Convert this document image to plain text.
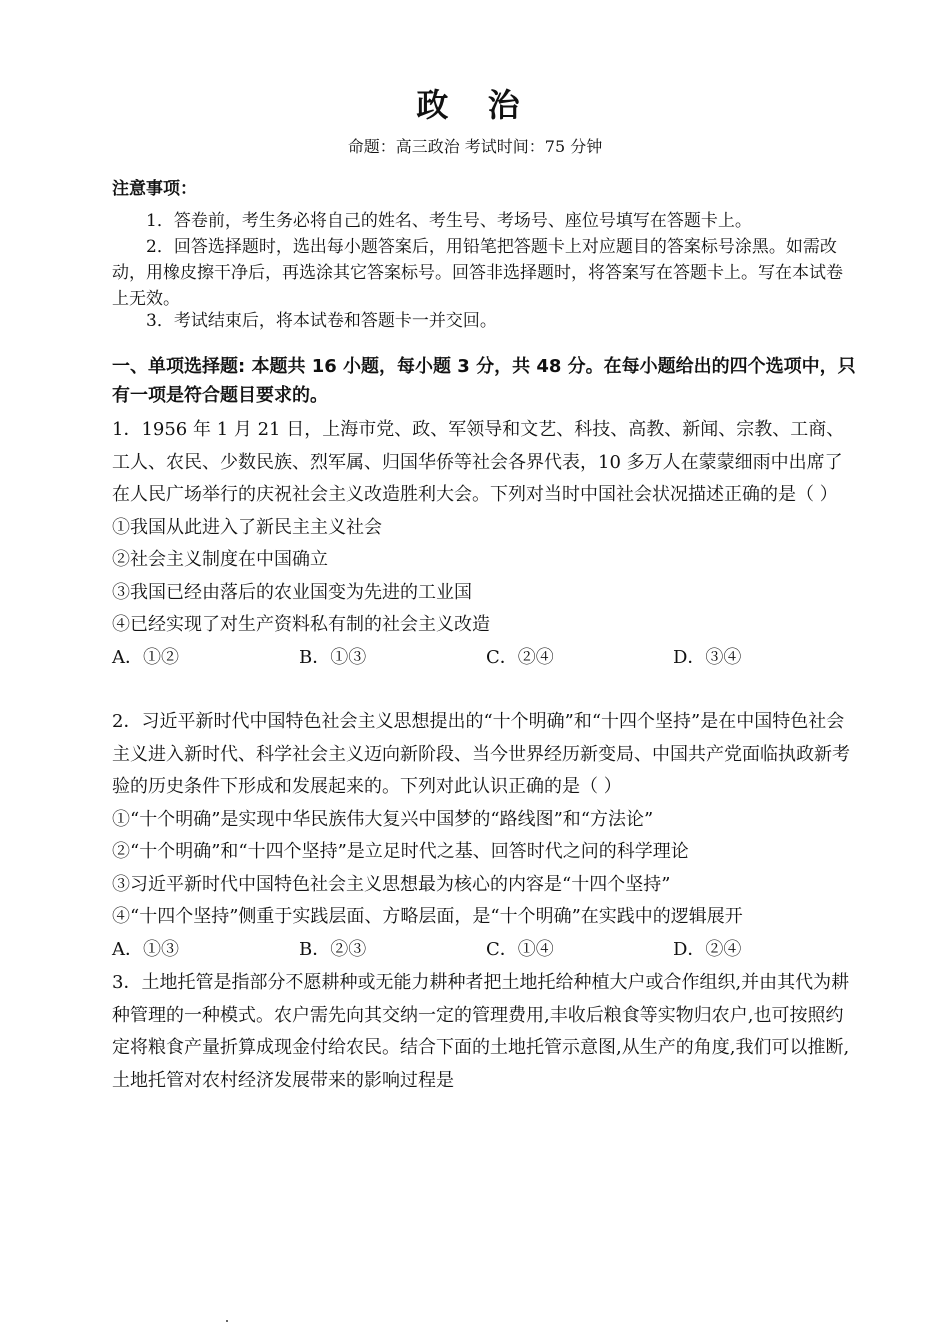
政 治
命题：高三政治 考试时间：75 分钟
注意事项：
1．答卷前，考生务必将自己的姓名、考生号、考场号、座位号填写在答题卡上。
2．回答选择题时，选出每小题答案后，用铅笔把答题卡上对应题目的答案标号涂黑。如需改动，用橡皮擦干净后，再选涂其它答案标号。回答非选择题时，将答案写在答题卡上。写在本试卷上无效。
3．考试结束后，将本试卷和答题卡一并交回。
一、单项选择题: 本题共 16 小题，每小题 3 分，共 48 分。在每小题给出的四个选项中，只有一项是符合题目要求的。
1．1956 年 1 月 21 日，上海市党、政、军领导和文艺、科技、高教、新闻、宗教、工商、工人、农民、少数民族、烈军属、归国华侨等社会各界代表，10 多万人在蒙蒙细雨中出席了在人民广场举行的庆祝社会主义改造胜利大会。下列对当时中国社会状况描述正确的是（ ）
①我国从此进入了新民主主义社会
②社会主义制度在中国确立
③我国已经由落后的农业国变为先进的工业国
④已经实现了对生产资料私有制的社会主义改造
A．①②	B．①③	C．②④	D．③④
2．习近平新时代中国特色社会主义思想提出的“十个明确”和“十四个坚持”是在中国特色社会主义进入新时代、科学社会主义迈向新阶段、当今世界经历新变局、中国共产党面临执政新考验的历史条件下形成和发展起来的。下列对此认识正确的是（ ）
①“十个明确”是实现中华民族伟大复兴中国梦的“路线图”和“方法论”
②“十个明确”和“十四个坚持”是立足时代之基、回答时代之问的科学理论
③习近平新时代中国特色社会主义思想最为核心的内容是“十四个坚持”
④“十四个坚持”侧重于实践层面、方略层面，是“十个明确”在实践中的逻辑展开
A．①③	B．②③	C．①④	D．②④
3．土地托管是指部分不愿耕种或无能力耕种者把土地托给种植大户或合作组织,并由其代为耕种管理的一种模式。农户需先向其交纳一定的管理费用,丰收后粮食等实物归农户,也可按照约定将粮食产量折算成现金付给农民。结合下面的土地托管示意图,从生产的角度,我们可以推断,土地托管对农村经济发展带来的影响过程是
